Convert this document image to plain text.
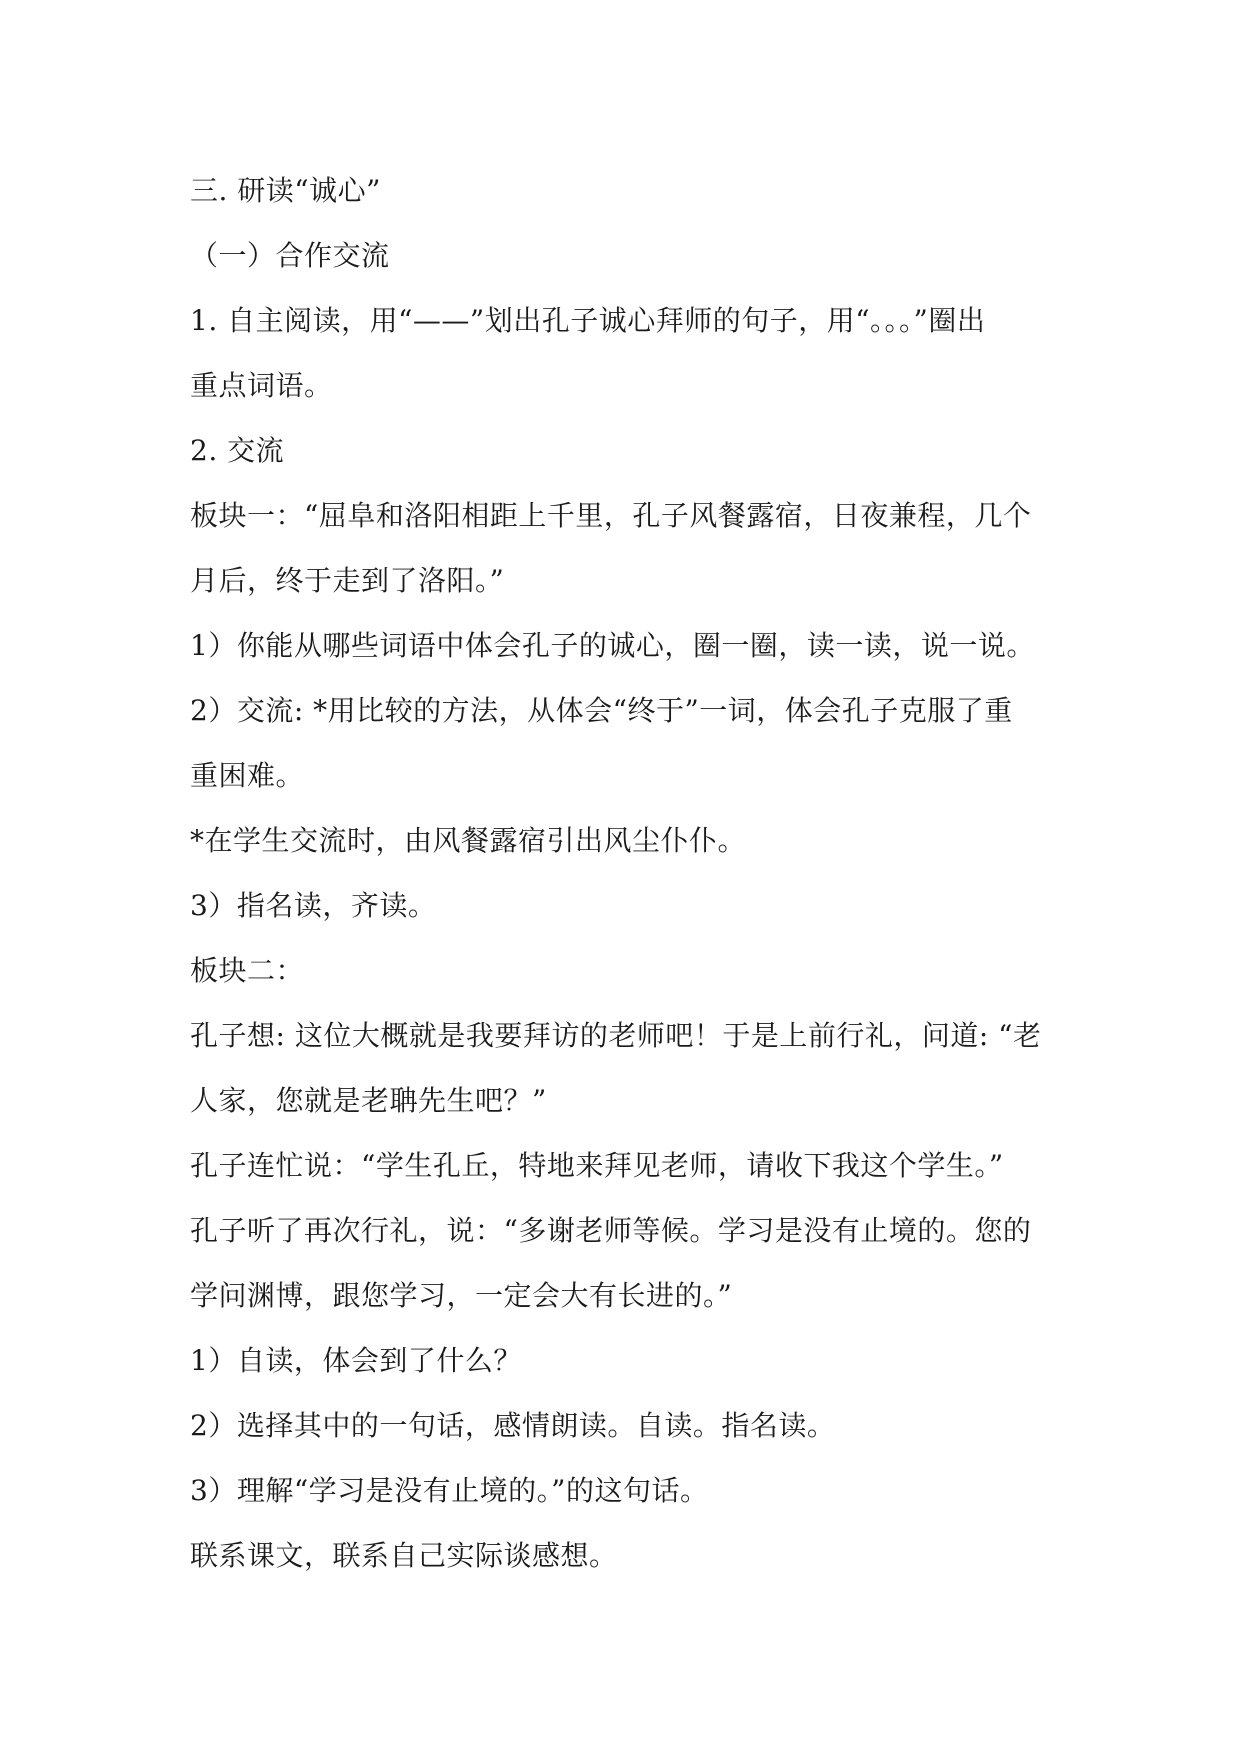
三. 研读“诚心”
（一）合作交流
1. 自主阅读，用“——”划出孔子诚心拜师的句子，用“。。。”圈出
重点词语。
2. 交流
板块一：“屈阜和洛阳相距上千里，孔子风餐露宿，日夜兼程，几个
月后，终于走到了洛阳。”
1）你能从哪些词语中体会孔子的诚心，圈一圈，读一读，说一说。
2）交流: *用比较的方法，从体会“终于”一词，体会孔子克服了重
重困难。
*在学生交流时，由风餐露宿引出风尘仆仆。
3）指名读，齐读。
板块二：
孔子想: 这位大概就是我要拜访的老师吧！于是上前行礼，问道: “老
人家，您就是老聃先生吧？”
孔子连忙说：“学生孔丘，特地来拜见老师，请收下我这个学生。”
孔子听了再次行礼，说：“多谢老师等候。学习是没有止境的。您的
学问渊博，跟您学习，一定会大有长进的。”
1）自读，体会到了什么？
2）选择其中的一句话，感情朗读。自读。指名读。
3）理解“学习是没有止境的。”的这句话。
联系课文，联系自己实际谈感想。
